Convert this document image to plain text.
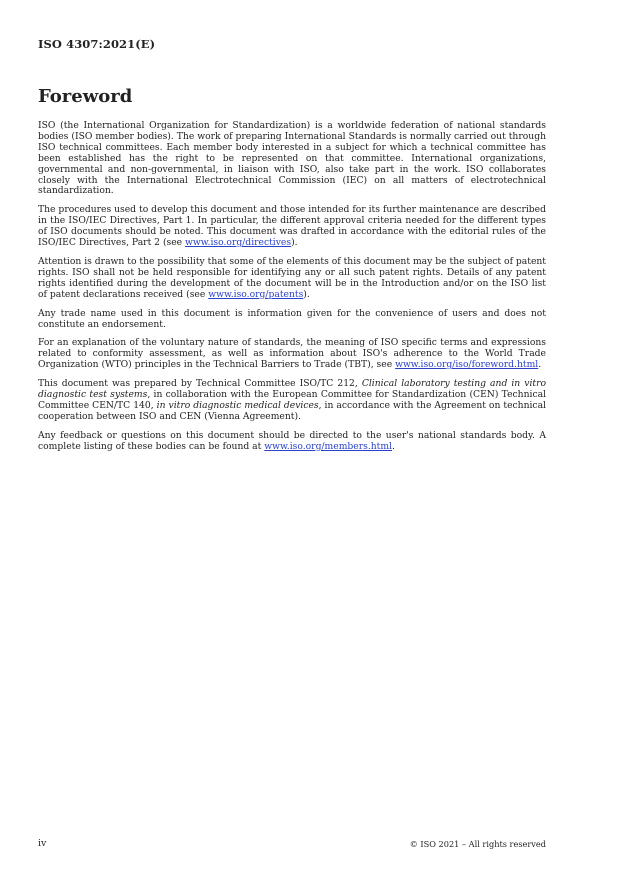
ISO 4307:2021(E)
Foreword

ISO (the International Organization for Standardization) is a worldwide federation of national standards bodies (ISO member bodies). The work of preparing International Standards is normally carried out through ISO technical committees. Each member body interested in a subject for which a technical committee has been established has the right to be represented on that committee. International organizations, governmental and non-governmental, in liaison with ISO, also take part in the work. ISO collaborates closely with the International Electrotechnical Commission (IEC) on all matters of electrotechnical standardization.

The procedures used to develop this document and those intended for its further maintenance are described in the ISO/IEC Directives, Part 1. In particular, the different approval criteria needed for the different types of ISO documents should be noted. This document was drafted in accordance with the editorial rules of the ISO/IEC Directives, Part 2 (see www.iso.org/directives).

Attention is drawn to the possibility that some of the elements of this document may be the subject of patent rights. ISO shall not be held responsible for identifying any or all such patent rights. Details of any patent rights identified during the development of the document will be in the Introduction and/or on the ISO list of patent declarations received (see www.iso.org/patents).

Any trade name used in this document is information given for the convenience of users and does not constitute an endorsement.

For an explanation of the voluntary nature of standards, the meaning of ISO specific terms and expressions related to conformity assessment, as well as information about ISO's adherence to the World Trade Organization (WTO) principles in the Technical Barriers to Trade (TBT), see www.iso.org/iso/foreword.html.

This document was prepared by Technical Committee ISO/TC 212, Clinical laboratory testing and in vitro diagnostic test systems, in collaboration with the European Committee for Standardization (CEN) Technical Committee CEN/TC 140, in vitro diagnostic medical devices, in accordance with the Agreement on technical cooperation between ISO and CEN (Vienna Agreement).

Any feedback or questions on this document should be directed to the user's national standards body. A complete listing of these bodies can be found at www.iso.org/members.html.

iv	© ISO 2021 – All rights reserved
